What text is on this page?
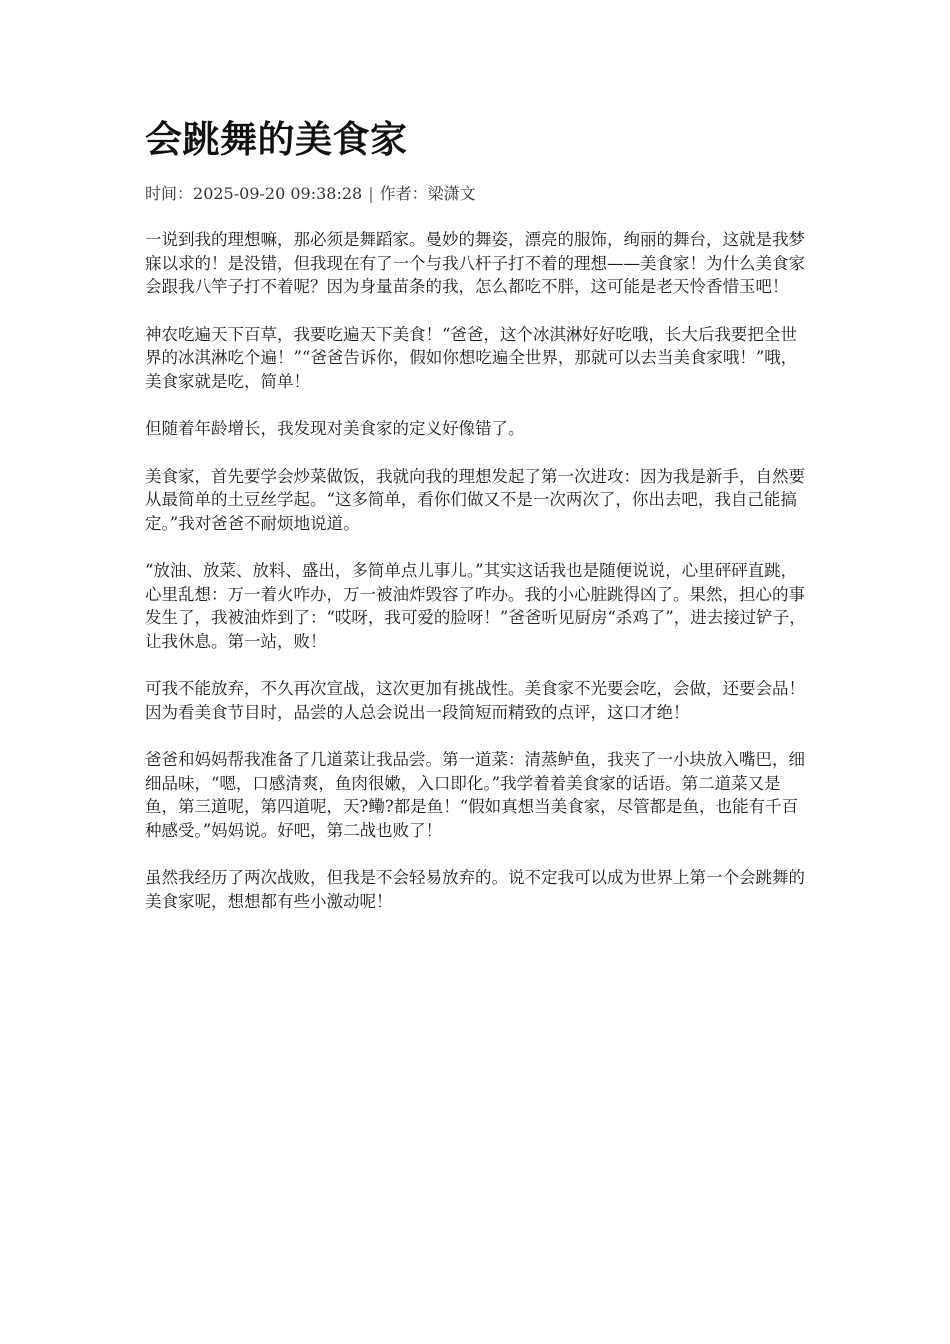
会跳舞的美食家
时间：2025-09-20 09:38:28 | 作者：梁潇文

一说到我的理想嘛，那必须是舞蹈家。曼妙的舞姿，漂亮的服饰，绚丽的舞台，这就是我梦寐以求的！是没错，但我现在有了一个与我八杆子打不着的理想——美食家！为什么美食家会跟我八竿子打不着呢？因为身量苗条的我，怎么都吃不胖，这可能是老天怜香惜玉吧！

神农吃遍天下百草，我要吃遍天下美食！“爸爸，这个冰淇淋好好吃哦，长大后我要把全世界的冰淇淋吃个遍！”“爸爸告诉你，假如你想吃遍全世界，那就可以去当美食家哦！”哦，美食家就是吃，简单！

但随着年龄增长，我发现对美食家的定义好像错了。

美食家，首先要学会炒菜做饭，我就向我的理想发起了第一次进攻：因为我是新手，自然要从最简单的土豆丝学起。“这多简单，看你们做又不是一次两次了，你出去吧，我自己能搞定。”我对爸爸不耐烦地说道。

“放油、放菜、放料、盛出，多简单点儿事儿。”其实这话我也是随便说说，心里砰砰直跳，心里乱想：万一着火咋办，万一被油炸毁容了咋办。我的小心脏跳得凶了。果然，担心的事发生了，我被油炸到了：“哎呀，我可爱的脸呀！”爸爸听见厨房“杀鸡了”，进去接过铲子，让我休息。第一站，败！

可我不能放弃，不久再次宣战，这次更加有挑战性。美食家不光要会吃，会做，还要会品！因为看美食节目时，品尝的人总会说出一段简短而精致的点评，这口才绝！

爸爸和妈妈帮我准备了几道菜让我品尝。第一道菜：清蒸鲈鱼，我夹了一小块放入嘴巴，细细品味，“嗯，口感清爽，鱼肉很嫩，入口即化。”我学着着美食家的话语。第二道菜又是鱼，第三道呢，第四道呢，天?鳓?都是鱼！“假如真想当美食家，尽管都是鱼，也能有千百种感受。”妈妈说。好吧，第二战也败了！

虽然我经历了两次战败，但我是不会轻易放弃的。说不定我可以成为世界上第一个会跳舞的美食家呢，想想都有些小激动呢！
